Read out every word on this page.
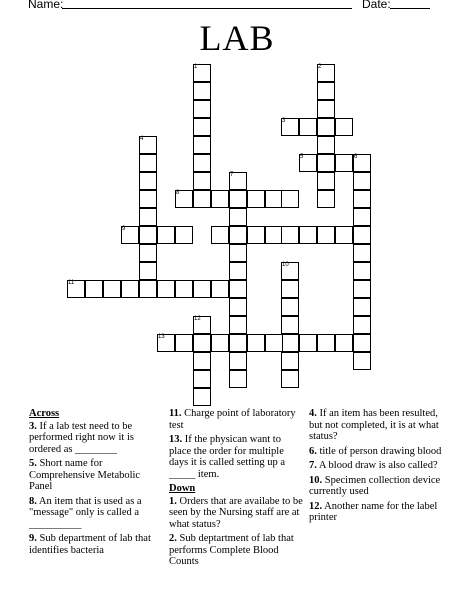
Name:	Date:
LAB
1	2
3
4
5	6
7
8
9
10
11
12
13
Across
3. If a lab test need to be performed right now it is ordered as ________
5. Short name for Comprehensive Metabolic Panel
8. An item that is used as a "message" only is called a __________
9. Sub department of lab that identifies bacteria
11. Charge point of laboratory test
13. If the physican want to place the order for multiple days it is called setting up a _____ item.
Down
1. Orders that are availabe to be seen by the Nursing staff are at what status?
2. Sub deptartment of lab that performs Complete Blood Counts
4. If an item has been resulted, but not completed, it is at what status?
6. title of person drawing blood
7. A blood draw is also called?
10. Specimen collection device currently used
12. Another name for the label printer
